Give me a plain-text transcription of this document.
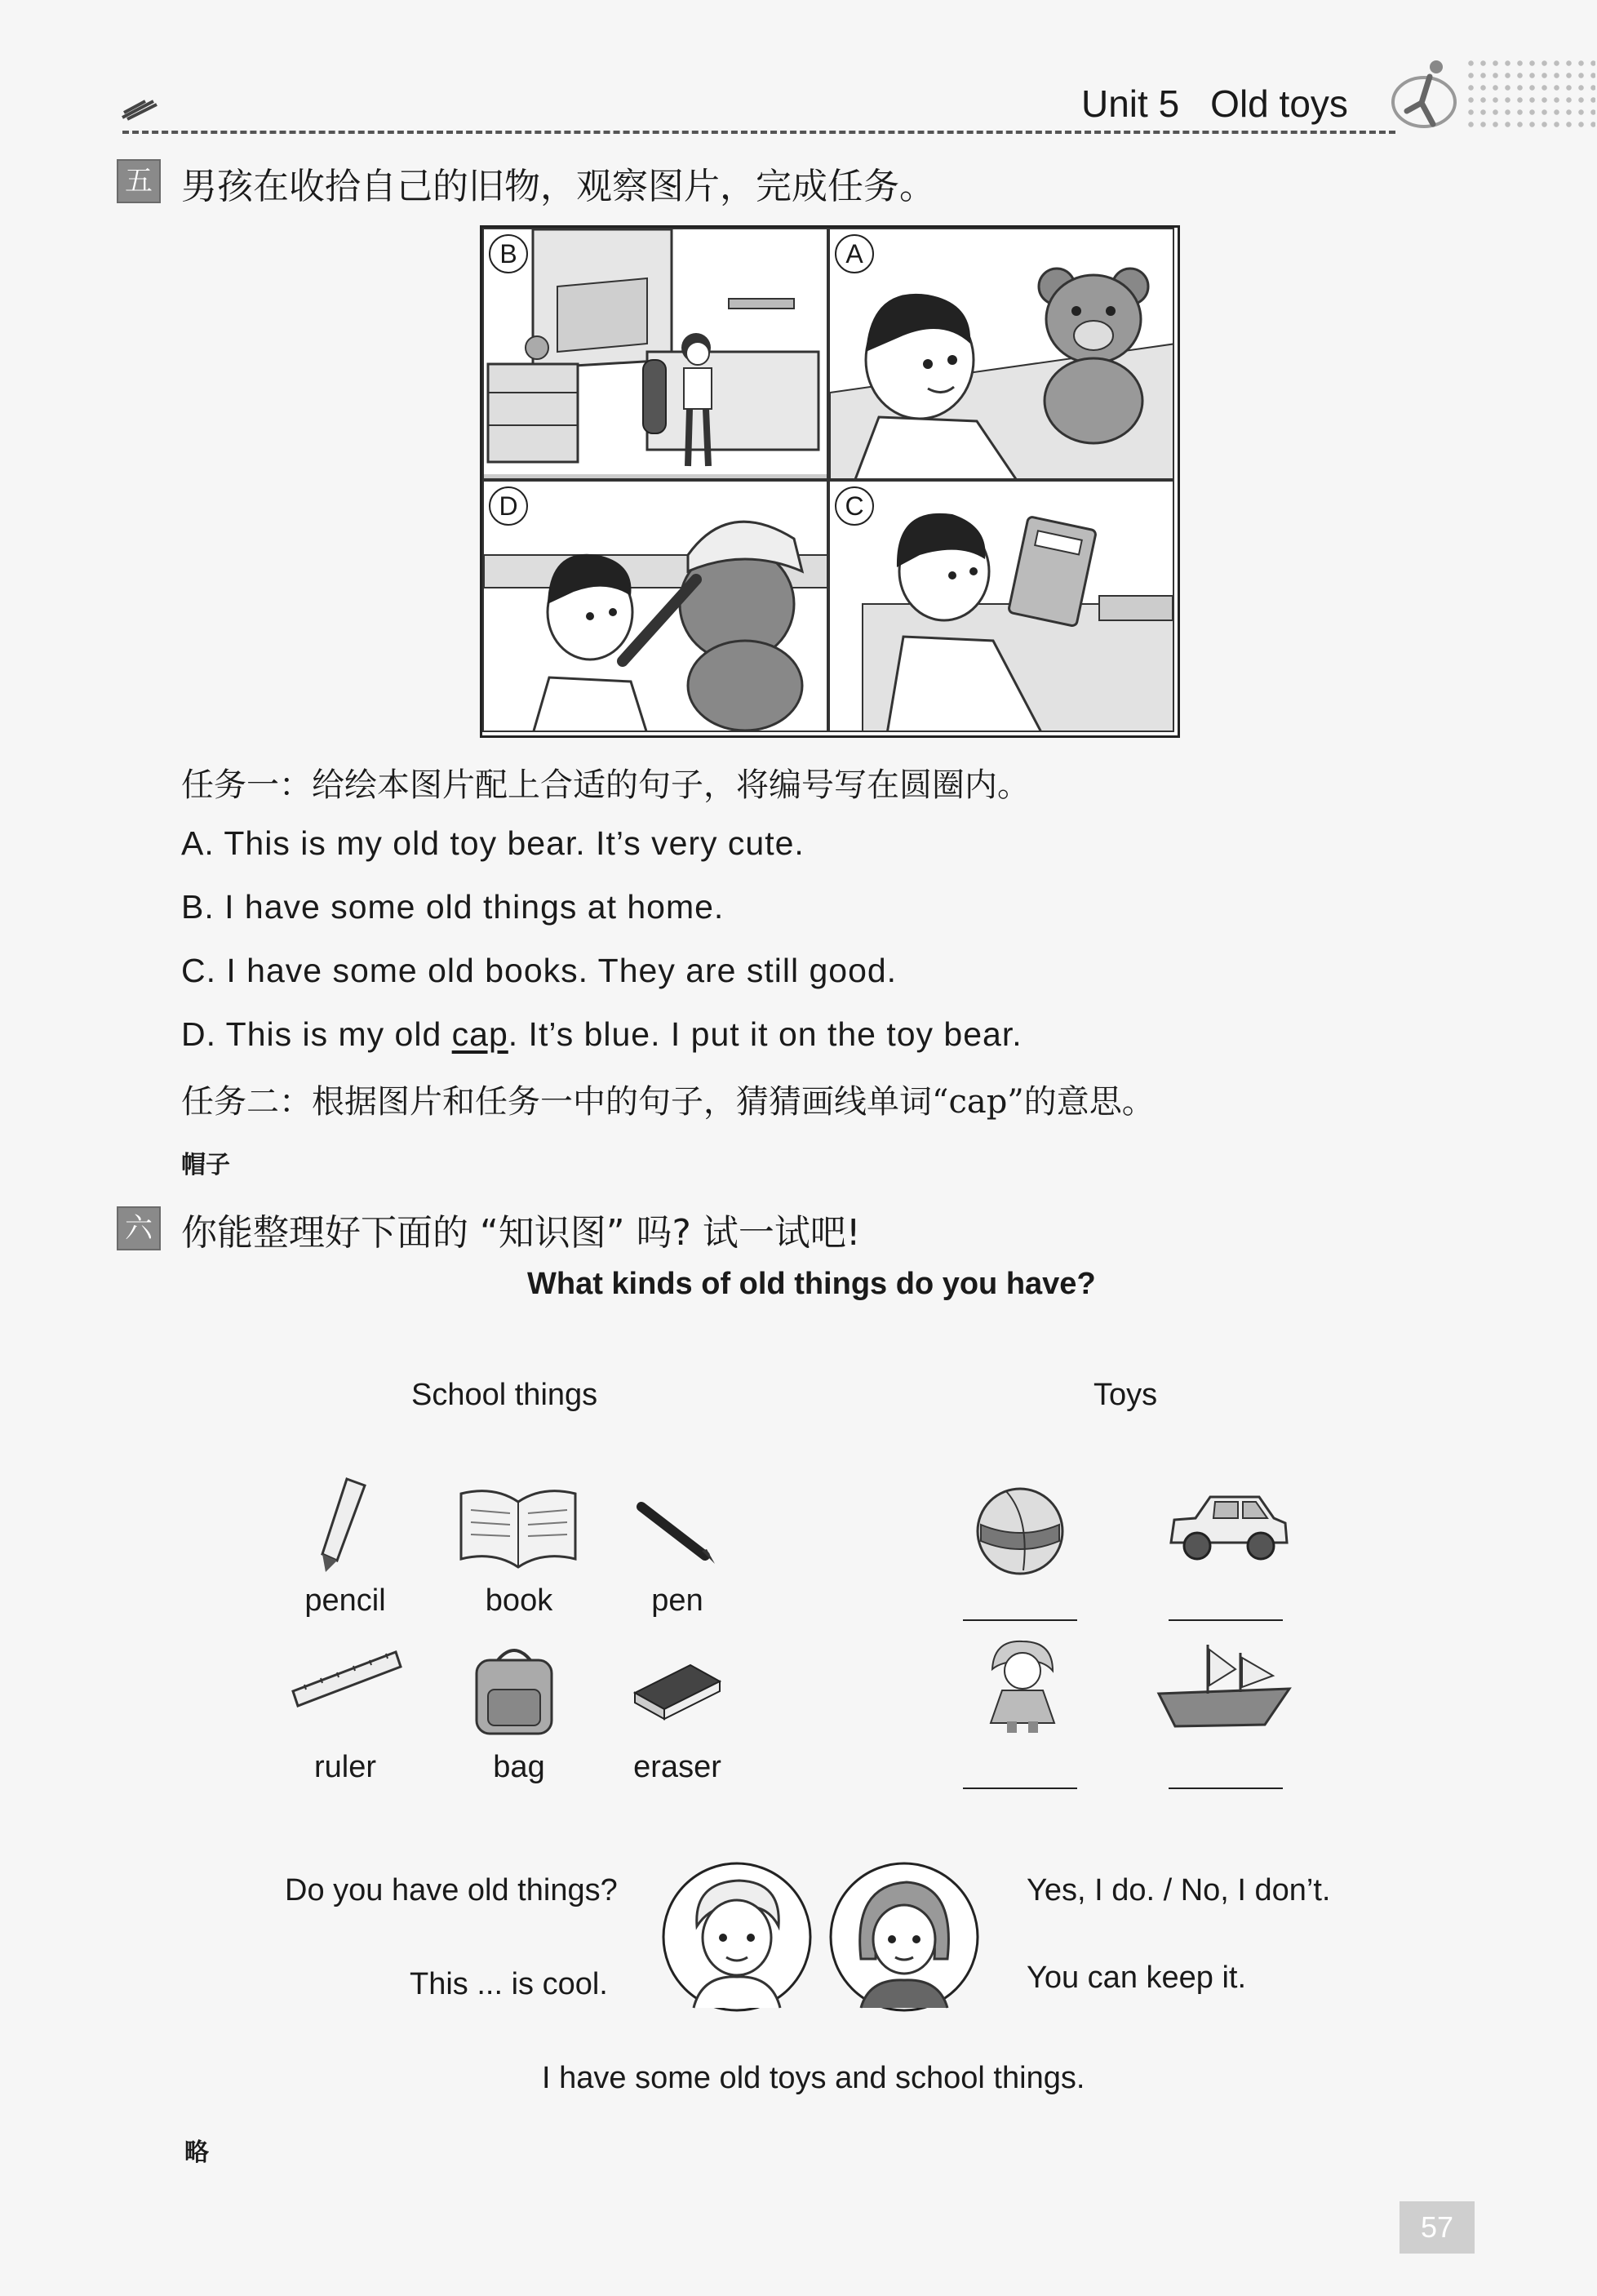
Unit 5 Old toys
五 男孩在收拾自己的旧物，观察图片，完成任务。
B	A
D	C
任务一：给绘本图片配上合适的句子，将编号写在圆圈内。
A. This is my old toy bear. It’s very cute.
B. I have some old things at home.
C. I have some old books. They are still good.
D. This is my old cap. It’s blue. I put it on the toy bear.
任务二：根据图片和任务一中的句子，猜猜画线单词“cap”的意思。
帽子
六 你能整理好下面的 “知识图” 吗? 试一试吧!
What kinds of old things do you have?
School things	Toys
pencil	book	pen
ruler	bag	eraser
Do you have old things?
This ... is cool.
Yes, I do. / No, I don’t.
You can keep it.
I have some old toys and school things.
略
57
